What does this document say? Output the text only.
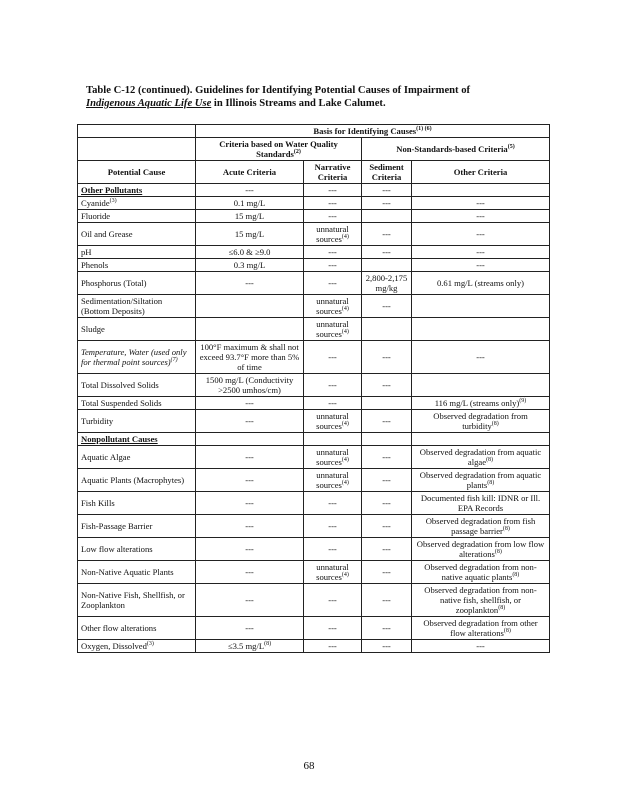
Table C-12 (continued). Guidelines for Identifying Potential Causes of Impairment of
Indigenous Aquatic Life Use in Illinois Streams and Lake Calumet.
	Basis for Identifying Causes$^{(1) (6)}$
	Criteria based on Water Quality Standards$^{(2)}$		Non-Standards-based Criteria$^{(5)}$
Potential Cause	Acute Criteria	Narrative Criteria	Sediment Criteria	Other Criteria
Other Pollutants	---	---	---	
Cyanide$^{(3)}$	0.1 mg/L	---	---	---
Fluoride	15 mg/L	---		---
Oil and Grease	15 mg/L	unnatural sources$^{(4)}$	---	---
pH	≤6.0 & ≥9.0	---	---	---
Phenols	0.3 mg/L	---		---
Phosphorus (Total)	---	---	2,800-2,175 mg/kg	0.61 mg/L (streams only)
Sedimentation/Siltation (Bottom Deposits)		unnatural sources$^{(4)}$	---	
Sludge		unnatural sources$^{(4)}$		
Temperature, Water (used only for thermal point sources)$^{(7)}$	100°F maximum & shall not exceed 93.7°F more than 5% of time	---	---	---
Total Dissolved Solids	1500 mg/L (Conductivity >2500 umhos/cm)	---	---	
Total Suspended Solids	---	---		116 mg/L (streams only)$^{(9)}$
Turbidity	---	unnatural sources$^{(4)}$	---	Observed degradation from turbidity$^{(8)}$
Nonpollutant Causes				
Aquatic Algae	---	unnatural sources$^{(4)}$	---	Observed degradation from aquatic algae$^{(8)}$
Aquatic Plants (Macrophytes)	---	unnatural sources$^{(4)}$	---	Observed degradation from aquatic plants$^{(8)}$
Fish Kills	---	---	---	Documented fish kill: IDNR or Ill. EPA Records
Fish-Passage Barrier	---	---	---	Observed degradation from fish passage barrier$^{(8)}$
Low flow alterations	---	---	---	Observed degradation from low flow alterations$^{(8)}$
Non-Native Aquatic Plants	---	unnatural sources$^{(4)}$	---	Observed degradation from non-native aquatic plants$^{(8)}$
Non-Native Fish, Shellfish, or Zooplankton	---	---	---	Observed degradation from non-native fish, shellfish, or zooplankton$^{(8)}$
Other flow alterations	---	---	---	Observed degradation from other flow alterations$^{(8)}$
Oxygen, Dissolved$^{(3)}$	≤3.5 $mg/L^{(8)}$	---	---	---
68
